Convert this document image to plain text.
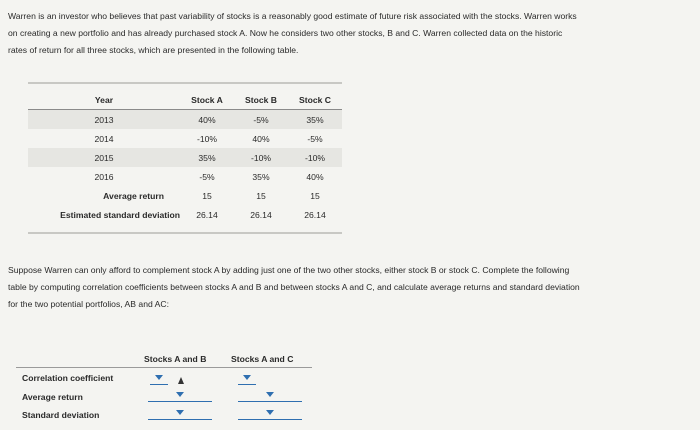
Warren is an investor who believes that past variability of stocks is a reasonably good estimate of future risk associated with the stocks. Warren works

on creating a new portfolio and has already purchased stock A. Now he considers two other stocks, B and C. Warren collected data on the historic

rates of return for all three stocks, which are presented in the following table.

Year	Stock A	Stock B	Stock C
2013	40%	-5%	35%
2014	-10%	40%	-5%
2015	35%	-10%	-10%
2016	-5%	35%	40%
Average return	15	15	15
Estimated standard deviation	26.14	26.14	26.14

Suppose Warren can only afford to complement stock A by adding just one of the two other stocks, either stock B or stock C. Complete the following

table by computing correlation coefficients between stocks A and B and between stocks A and C, and calculate average returns and standard deviation

for the two potential portfolios, AB and AC:

Stocks A and B	Stocks A and C
Correlation coefficient
Average return
Standard deviation
